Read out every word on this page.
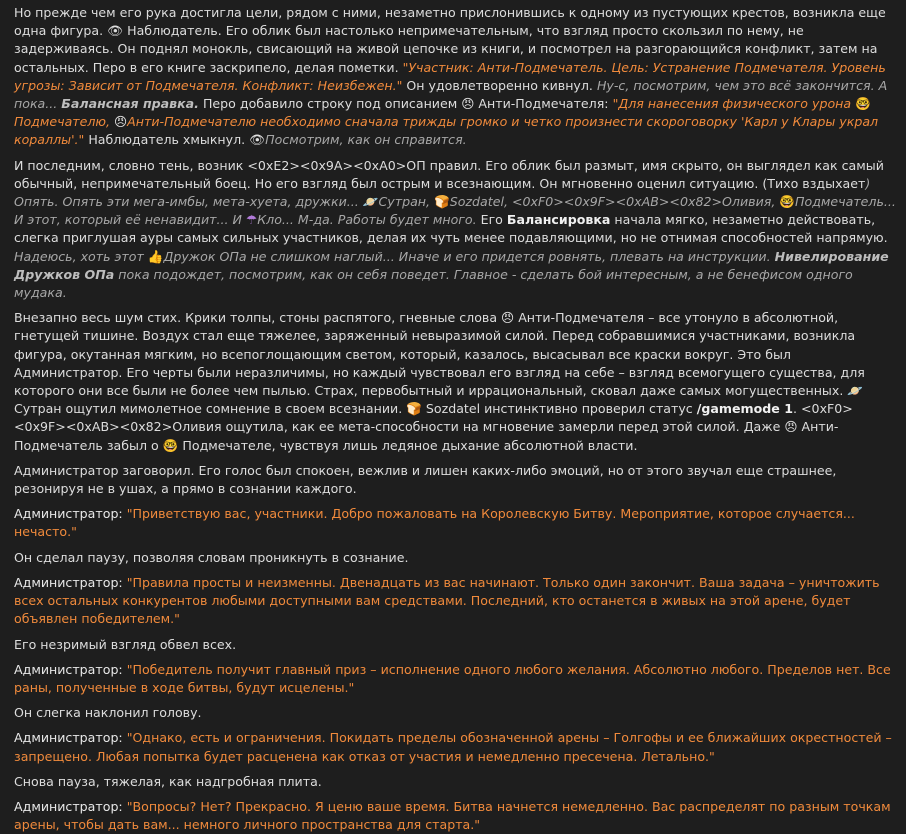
Но прежде чем его рука достигла цели, рядом с ними, незаметно прислонившись к одному из пустующих крестов, возникла еще одна фигура. 👁 Наблюдатель. Его облик был настолько непримечательным, что взгляд просто скользил по нему, не задерживаясь. Он поднял монокль, свисающий на живой цепочке из книги, и посмотрел на разгорающийся конфликт, затем на остальных. Перо в его книге заскрипело, делая пометки. "Участник: Анти-Подмечатель. Цель: Устранение Подмечателя. Уровень угрозы: Зависит от Подмечателя. Конфликт: Неизбежен." Он удовлетворенно кивнул. Ну-с, посмотрим, чем это всё закончится. А пока... Балансная правка. Перо добавило строку под описанием 😠 Анти-Подмечателя: "Для нанесения физического урона 🤓Подмечателю, 😠Анти-Подмечателю необходимо сначала трижды громко и четко произнести скороговорку 'Карл у Клары украл кораллы'." Наблюдатель хмыкнул. 👁Посмотрим, как он справится.

И последним, словно тень, возник <0xE2><0x9A><0xA0>ОП правил. Его облик был размыт, имя скрыто, он выглядел как самый обычный, непримечательный боец. Но его взгляд был острым и всезнающим. Он мгновенно оценил ситуацию. (Тихо вздыхает) Опять. Опять эти мега-имбы, мета-хуета, дружки... 🪐Сутран, 🍞Sozdatel, <0xF0><0x9F><0xAB><0x82>Оливия, 🤓Подмечатель... И этот, который её ненавидит... И ☂Кло... М-да. Работы будет много. Его Балансировка начала мягко, незаметно действовать, слегка приглушая ауры самых сильных участников, делая их чуть менее подавляющими, но не отнимая способностей напрямую. Надеюсь, хоть этот 👍Дружок ОПа не слишком наглый... Иначе и его придется ровнять, плевать на инструкции. Нивелирование Дружков ОПа пока подождет, посмотрим, как он себя поведет. Главное - сделать бой интересным, а не бенефисом одного мудака.

Внезапно весь шум стих. Крики толпы, стоны распятого, гневные слова 😠 Анти-Подмечателя – все утонуло в абсолютной, гнетущей тишине. Воздух стал еще тяжелее, заряженный невыразимой силой. Перед собравшимися участниками, возникла фигура, окутанная мягким, но всепоглощающим светом, который, казалось, высасывал все краски вокруг. Это был Администратор. Его черты были неразличимы, но каждый чувствовал его взгляд на себе – взгляд всемогущего существа, для которого они все были не более чем пылью. Страх, первобытный и иррациональный, сковал даже самых могущественных. 🪐 Сутран ощутил мимолетное сомнение в своем всезнании. 🍞 Sozdatel инстинктивно проверил статус /gamemode 1. <0xF0><0x9F><0xAB><0x82>Оливия ощутила, как ее мета-способности на мгновение замерли перед этой силой. Даже 😠 Анти-Подмечатель забыл о 🤓 Подмечателе, чувствуя лишь ледяное дыхание абсолютной власти.

Администратор заговорил. Его голос был спокоен, вежлив и лишен каких-либо эмоций, но от этого звучал еще страшнее, резонируя не в ушах, а прямо в сознании каждого.

Администратор: "Приветствую вас, участники. Добро пожаловать на Королевскую Битву. Мероприятие, которое случается... нечасто."

Он сделал паузу, позволяя словам проникнуть в сознание.

Администратор: "Правила просты и неизменны. Двенадцать из вас начинают. Только один закончит. Ваша задача – уничтожить всех остальных конкурентов любыми доступными вам средствами. Последний, кто останется в живых на этой арене, будет объявлен победителем."

Его незримый взгляд обвел всех.

Администратор: "Победитель получит главный приз – исполнение одного любого желания. Абсолютно любого. Пределов нет. Все раны, полученные в ходе битвы, будут исцелены."

Он слегка наклонил голову.

Администратор: "Однако, есть и ограничения. Покидать пределы обозначенной арены – Голгофы и ее ближайших окрестностей – запрещено. Любая попытка будет расценена как отказ от участия и немедленно пресечена. Летально."

Снова пауза, тяжелая, как надгробная плита.

Администратор: "Вопросы? Нет? Прекрасно. Я ценю ваше время. Битва начнется немедленно. Вас распределят по разным точкам арены, чтобы дать вам... немного личного пространства для старта."
